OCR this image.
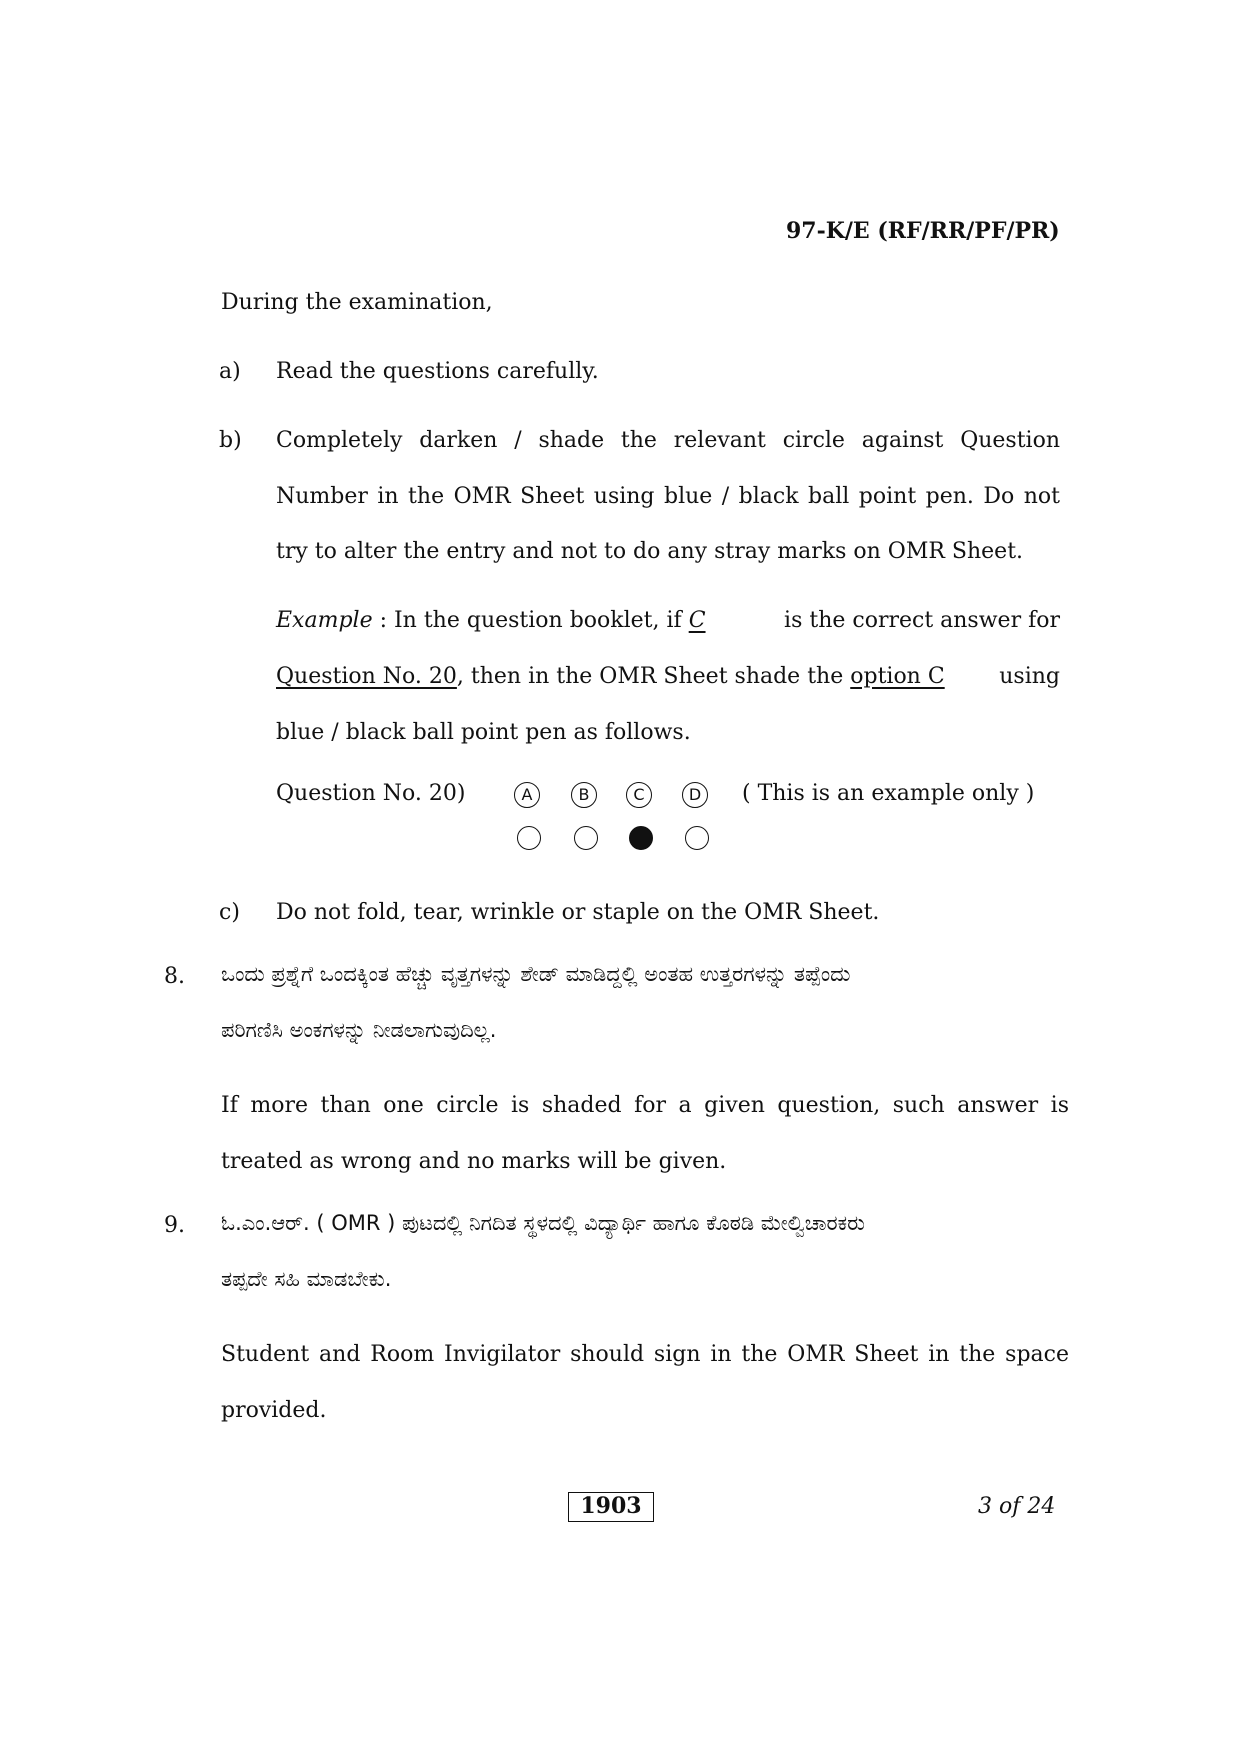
97-K/E (RF/RR/PF/PR)
During the examination,
a) Read the questions carefully.
b) Completely darken / shade the relevant circle against Question
Number in the OMR Sheet using blue / black ball point pen. Do not
try to alter the entry and not to do any stray marks on OMR Sheet.
Example : In the question booklet, if C	is the correct answer for
Question No. 20, then in the OMR Sheet shade the option C using
blue / black ball point pen as follows.
Question No. 20)	A	B	C	D	( This is an example only )
c) Do not fold, tear, wrinkle or staple on the OMR Sheet.
8. ಒಂದು ಪ್ರಶ್ನೆಗೆ ಒಂದಕ್ಕಿಂತ ಹೆಚ್ಚು ವೃತ್ತಗಳನ್ನು ಶೇಡ್ ಮಾಡಿದ್ದಲ್ಲಿ ಅಂತಹ ಉತ್ತರಗಳನ್ನು ತಪ್ಪೆಂದು
ಪರಿಗಣಿಸಿ ಅಂಕಗಳನ್ನು ನೀಡಲಾಗುವುದಿಲ್ಲ.
If more than one circle is shaded for a given question, such answer is
treated as wrong and no marks will be given.
9. ಓ.ಎಂ.ಆರ್. ( OMR ) ಪುಟದಲ್ಲಿ ನಿಗದಿತ ಸ್ಥಳದಲ್ಲಿ ವಿದ್ಯಾರ್ಥಿ ಹಾಗೂ ಕೊಠಡಿ ಮೇಲ್ವಿಚಾರಕರು
ತಪ್ಪದೇ ಸಹಿ ಮಾಡಬೇಕು.
Student and Room Invigilator should sign in the OMR Sheet in the space
provided.
1903	3 of 24
